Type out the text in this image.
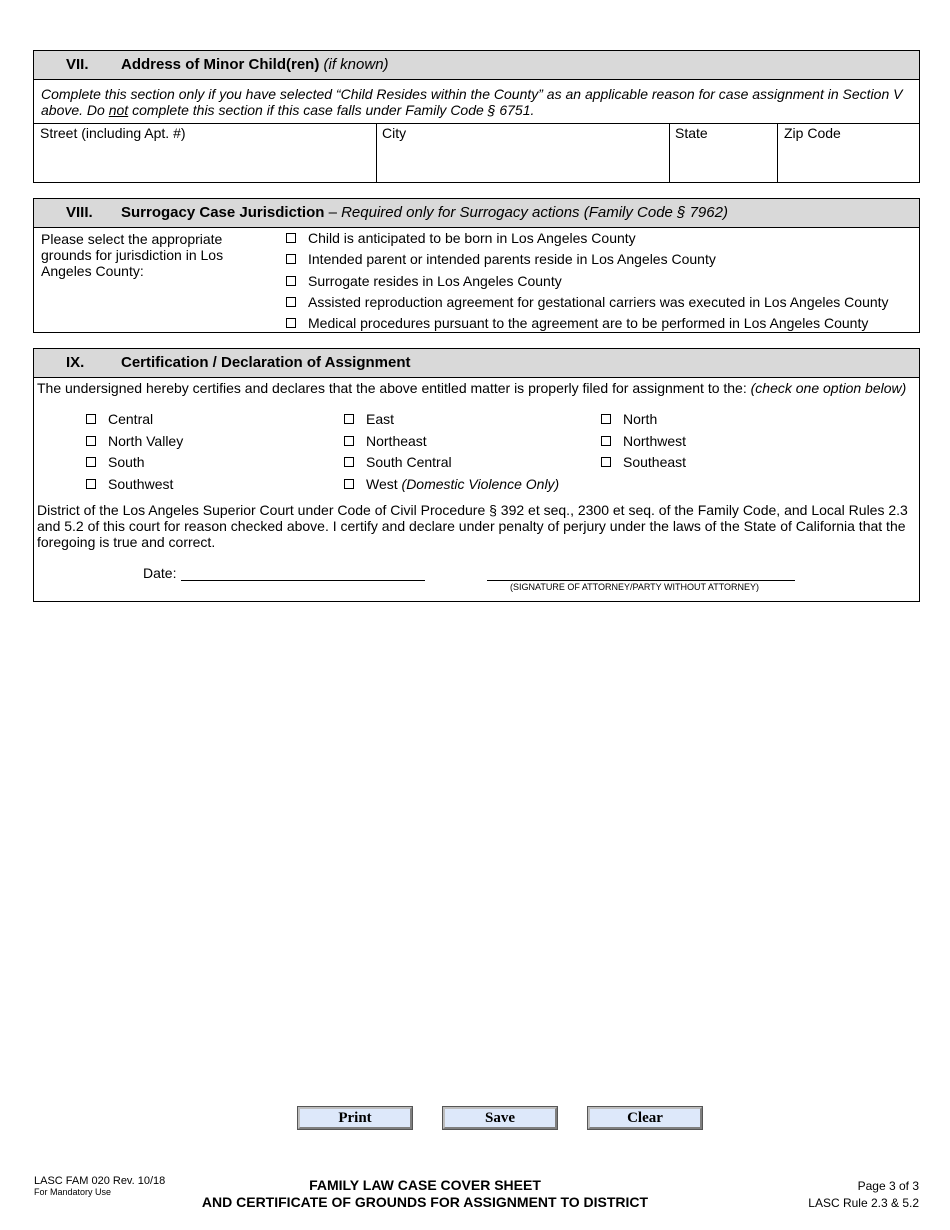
VII. Address of Minor Child(ren) (if known)
Complete this section only if you have selected “Child Resides within the County” as an applicable reason for case assignment in Section V above. Do not complete this section if this case falls under Family Code § 6751.
Street (including Apt. #)	City	State	Zip Code
VIII. Surrogacy Case Jurisdiction – Required only for Surrogacy actions (Family Code § 7962)
Please select the appropriate grounds for jurisdiction in Los Angeles County:
Child is anticipated to be born in Los Angeles County
Intended parent or intended parents reside in Los Angeles County
Surrogate resides in Los Angeles County
Assisted reproduction agreement for gestational carriers was executed in Los Angeles County
Medical procedures pursuant to the agreement are to be performed in Los Angeles County
IX. Certification / Declaration of Assignment
The undersigned hereby certifies and declares that the above entitled matter is properly filed for assignment to the: (check one option below)
Central
North Valley
South
Southwest
East
Northeast
South Central
West (Domestic Violence Only)
North
Northwest
Southeast
District of the Los Angeles Superior Court under Code of Civil Procedure § 392 et seq., 2300 et seq. of the Family Code, and Local Rules 2.3 and 5.2 of this court for reason checked above. I certify and declare under penalty of perjury under the laws of the State of California that the foregoing is true and correct.
Date:
(SIGNATURE OF ATTORNEY/PARTY WITHOUT ATTORNEY)
Print	Save	Clear
LASC FAM 020 Rev. 10/18
For Mandatory Use	FAMILY LAW CASE COVER SHEET
AND CERTIFICATE OF GROUNDS FOR ASSIGNMENT TO DISTRICT
Page 3 of 3
LASC Rule 2.3 & 5.2
